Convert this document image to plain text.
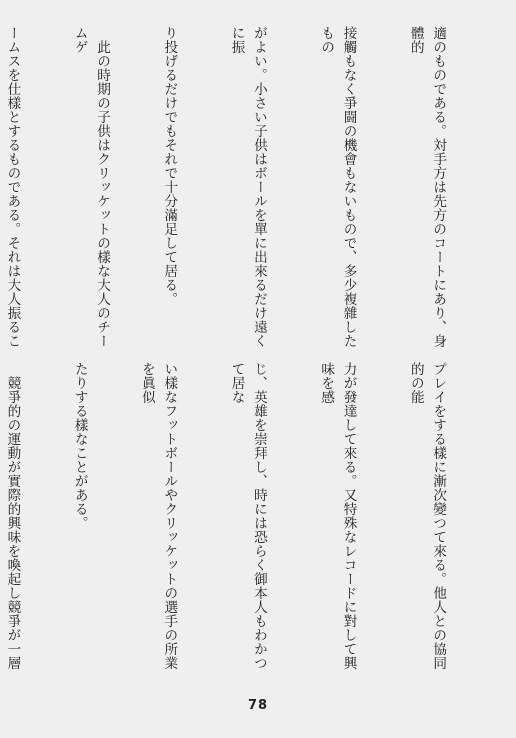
適のものである。対手方は先方のコートにあり、身體的

接觸もなく爭闘の機會もないもので、多少複雜したもの

がよい。小さい子供はボールを單に出來るだけ遠くに振

り投げるだけでもそれで十分滿足して居る。

　此の時期の子供はクリッケットの樣な大人のチームゲ

ームスを仕樣とするものである。それは大人振るこ

プレイをする樣に漸次變つて來る。他人との協同的の能

力が發達して來る。又特殊なレコードに對して興味を感

じ、英雄を崇拜し、時には恐らく御本人もわかつて居な

い樣なフットボールやクリッケットの選手の所業を眞似

たりする樣なことがある。

　競爭的の運動が實際的興味を喚起し競爭が一層

78
